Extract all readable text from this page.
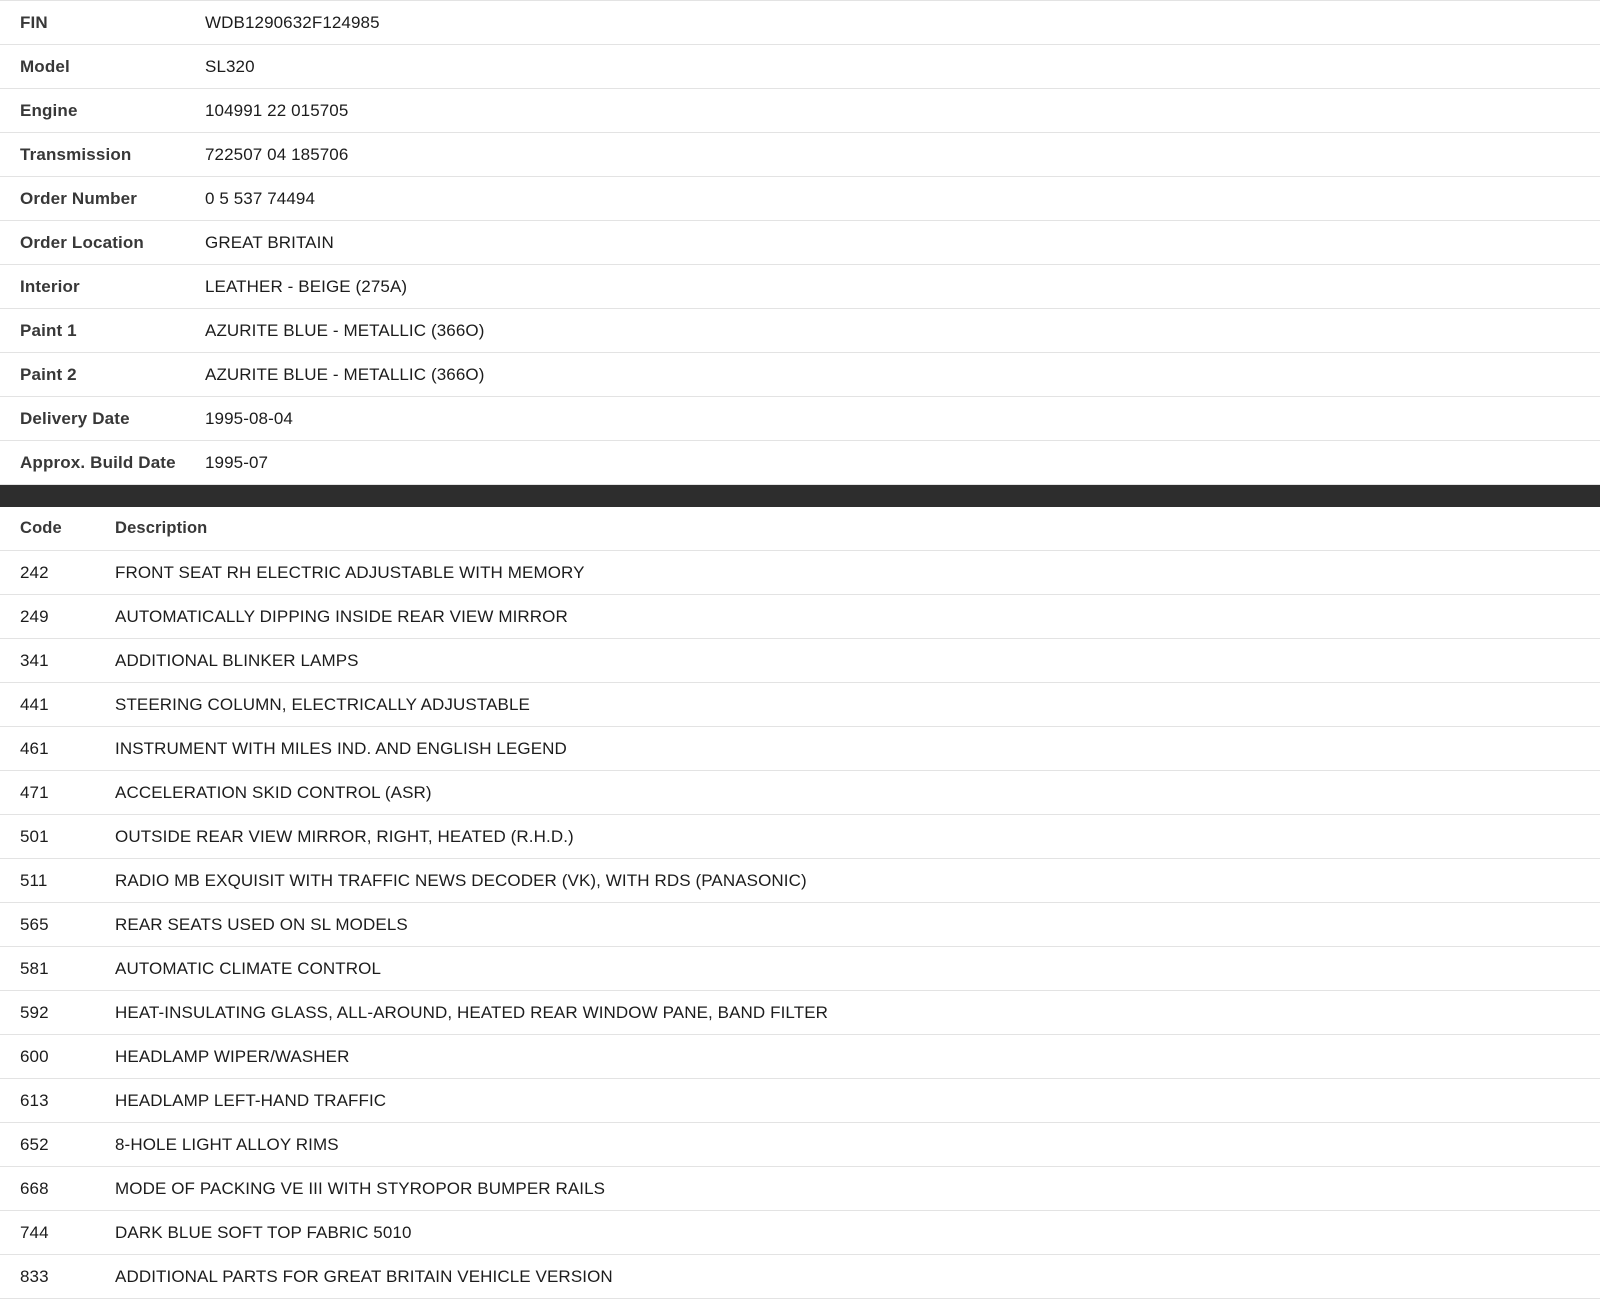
FIN	WDB1290632F124985
Model	SL320
Engine	104991 22 015705
Transmission	722507 04 185706
Order Number	0 5 537 74494
Order Location	GREAT BRITAIN
Interior	LEATHER - BEIGE (275A)
Paint 1	AZURITE BLUE - METALLIC (366O)
Paint 2	AZURITE BLUE - METALLIC (366O)
Delivery Date	1995-08-04
Approx. Build Date	1995-07
Code	Description
242	FRONT SEAT RH ELECTRIC ADJUSTABLE WITH MEMORY
249	AUTOMATICALLY DIPPING INSIDE REAR VIEW MIRROR
341	ADDITIONAL BLINKER LAMPS
441	STEERING COLUMN, ELECTRICALLY ADJUSTABLE
461	INSTRUMENT WITH MILES IND. AND ENGLISH LEGEND
471	ACCELERATION SKID CONTROL (ASR)
501	OUTSIDE REAR VIEW MIRROR, RIGHT, HEATED (R.H.D.)
511	RADIO MB EXQUISIT WITH TRAFFIC NEWS DECODER (VK), WITH RDS (PANASONIC)
565	REAR SEATS USED ON SL MODELS
581	AUTOMATIC CLIMATE CONTROL
592	HEAT-INSULATING GLASS, ALL-AROUND, HEATED REAR WINDOW PANE, BAND FILTER
600	HEADLAMP WIPER/WASHER
613	HEADLAMP LEFT-HAND TRAFFIC
652	8-HOLE LIGHT ALLOY RIMS
668	MODE OF PACKING VE III WITH STYROPOR BUMPER RAILS
744	DARK BLUE SOFT TOP FABRIC 5010
833	ADDITIONAL PARTS FOR GREAT BRITAIN VEHICLE VERSION
